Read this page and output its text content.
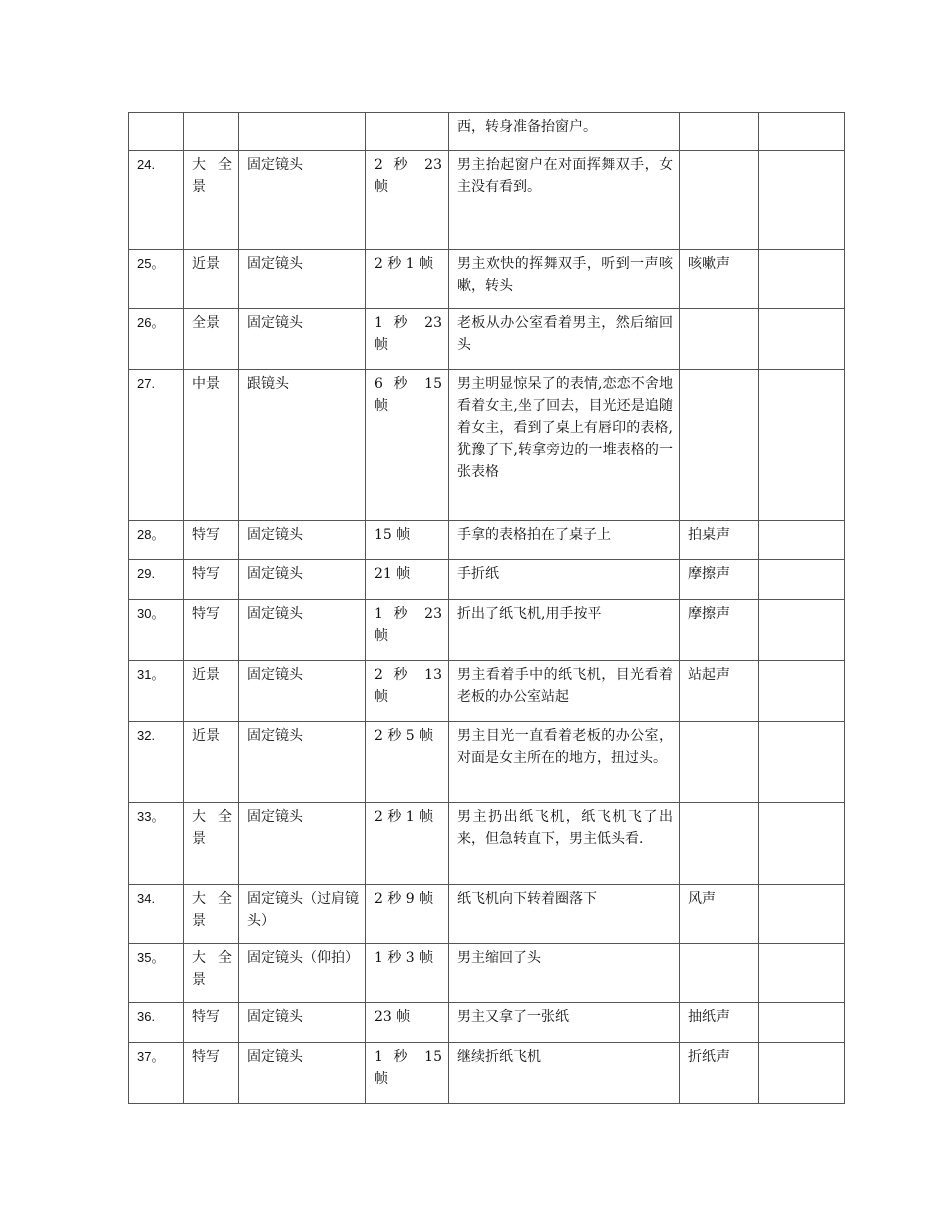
				西，转身准备抬窗户。		
24.	大全景	固定镜头	2 秒 23 帧	男主抬起窗户在对面挥舞双手，女主没有看到。		
25。	近景	固定镜头	2 秒 1 帧	男主欢快的挥舞双手，听到一声咳嗽，转头	咳嗽声	
26。	全景	固定镜头	1 秒 23 帧	老板从办公室看着男主，然后缩回头		
27.	中景	跟镜头	6 秒 15 帧	男主明显惊呆了的表情,恋恋不舍地看着女主,坐了回去，目光还是追随着女主，看到了桌上有唇印的表格,犹豫了下,转拿旁边的一堆表格的一张表格		
28。	特写	固定镜头	15 帧	手拿的表格拍在了桌子上	拍桌声	
29.	特写	固定镜头	21 帧	手折纸	摩擦声	
30。	特写	固定镜头	1 秒 23 帧	折出了纸飞机,用手按平	摩擦声	
31。	近景	固定镜头	2 秒 13 帧	男主看着手中的纸飞机，目光看着老板的办公室站起	站起声	
32.	近景	固定镜头	2 秒 5 帧	男主目光一直看着老板的办公室，对面是女主所在的地方，扭过头。		
33。	大全景	固定镜头	2 秒 1 帧	男主扔出纸飞机，纸飞机飞了出来，但急转直下，男主低头看.		
34.	大全景	固定镜头（过肩镜头）	2 秒 9 帧	纸飞机向下转着圈落下	风声	
35。	大全景	固定镜头（仰拍）	1 秒 3 帧	男主缩回了头		
36.	特写	固定镜头	23 帧	男主又拿了一张纸	抽纸声	
37。	特写	固定镜头	1 秒 15 帧	继续折纸飞机	折纸声	
